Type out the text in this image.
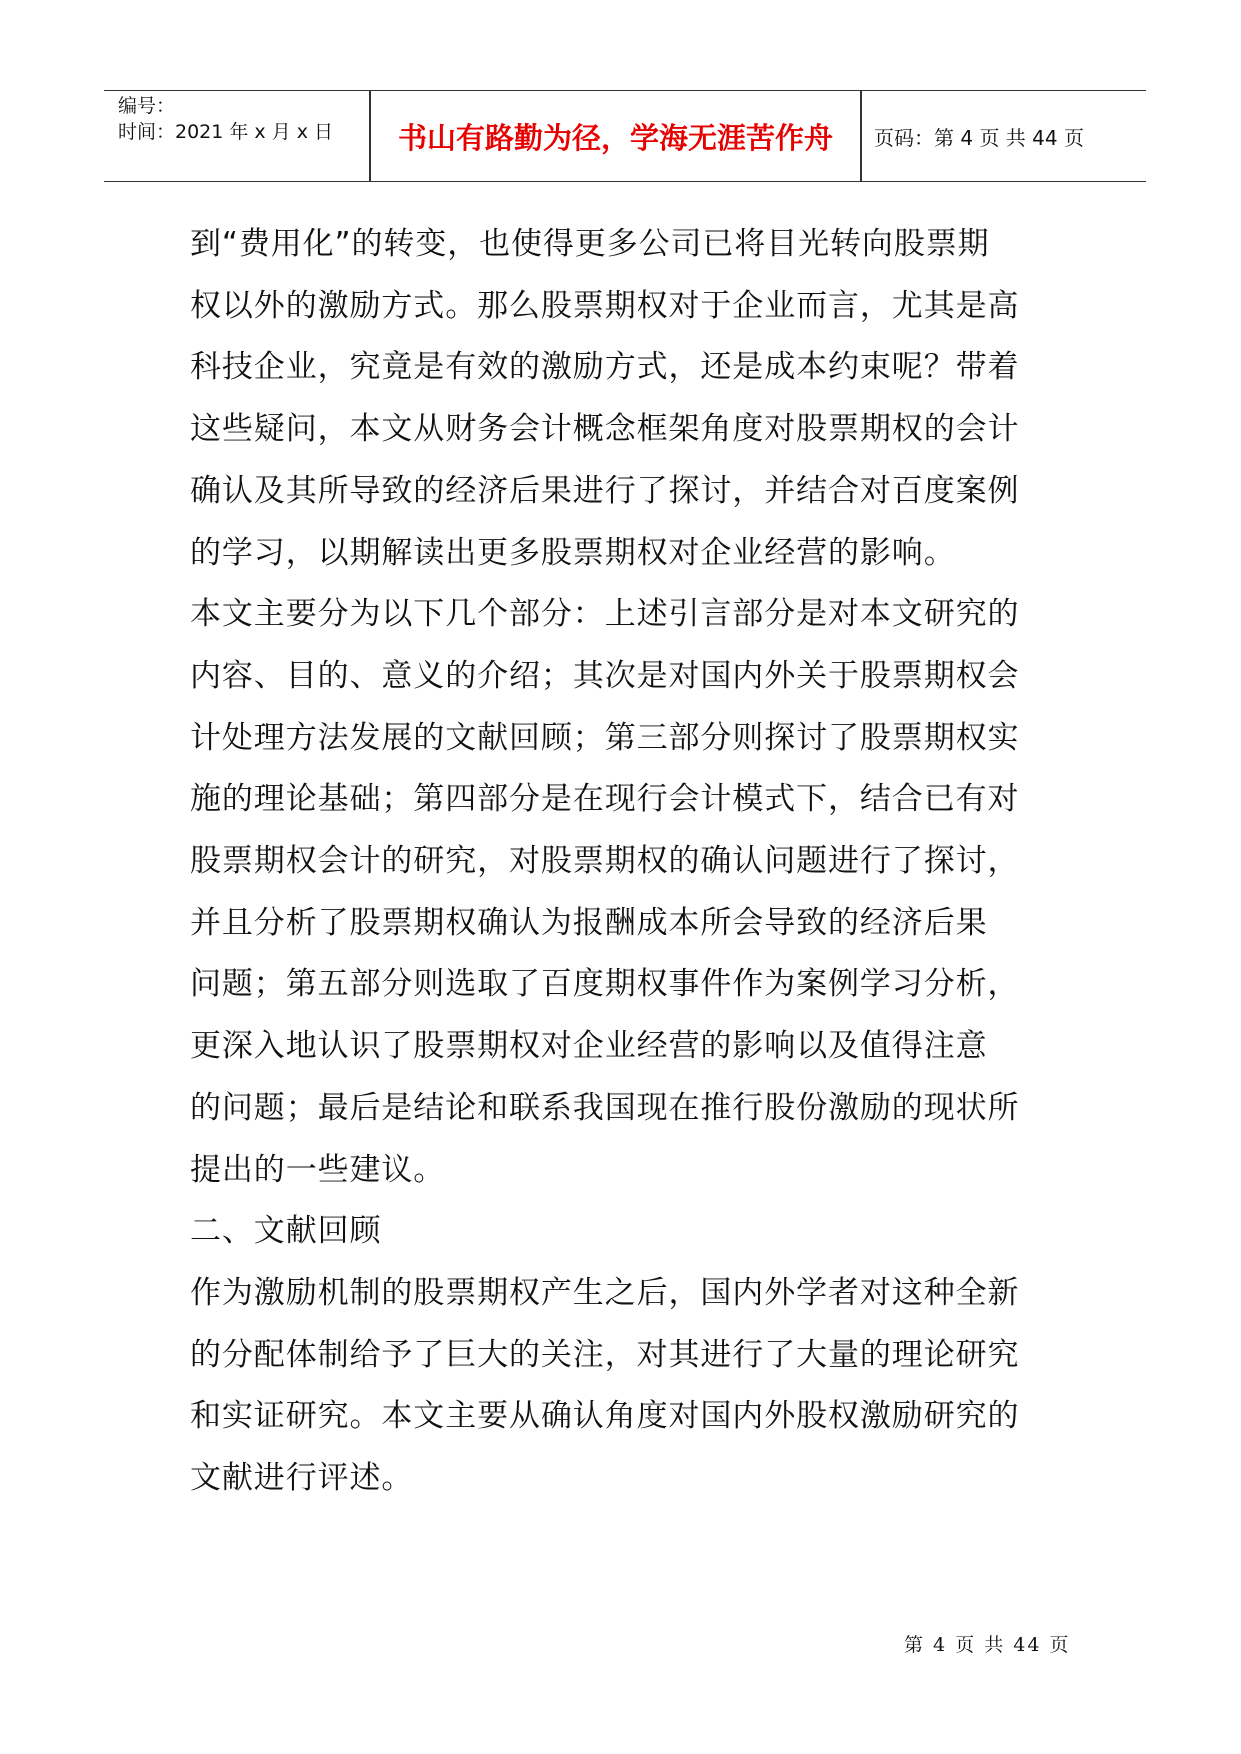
编号：
时间：2021 年 x 月 x 日	书山有路勤为径，学海无涯苦作舟	页码：第 4 页 共 44 页

到“费用化”的转变，也使得更多公司已将目光转向股票期

权以外的激励方式。那么股票期权对于企业而言，尤其是高

科技企业，究竟是有效的激励方式，还是成本约束呢？带着

这些疑问，本文从财务会计概念框架角度对股票期权的会计

确认及其所导致的经济后果进行了探讨，并结合对百度案例

的学习，以期解读出更多股票期权对企业经营的影响。

本文主要分为以下几个部分：上述引言部分是对本文研究的

内容、目的、意义的介绍；其次是对国内外关于股票期权会

计处理方法发展的文献回顾；第三部分则探讨了股票期权实

施的理论基础；第四部分是在现行会计模式下，结合已有对

股票期权会计的研究，对股票期权的确认问题进行了探讨，

并且分析了股票期权确认为报酬成本所会导致的经济后果

问题；第五部分则选取了百度期权事件作为案例学习分析，

更深入地认识了股票期权对企业经营的影响以及值得注意

的问题；最后是结论和联系我国现在推行股份激励的现状所

提出的一些建议。

二、文献回顾

作为激励机制的股票期权产生之后，国内外学者对这种全新

的分配体制给予了巨大的关注，对其进行了大量的理论研究

和实证研究。本文主要从确认角度对国内外股权激励研究的

文献进行评述。

第 4 页 共 44 页
